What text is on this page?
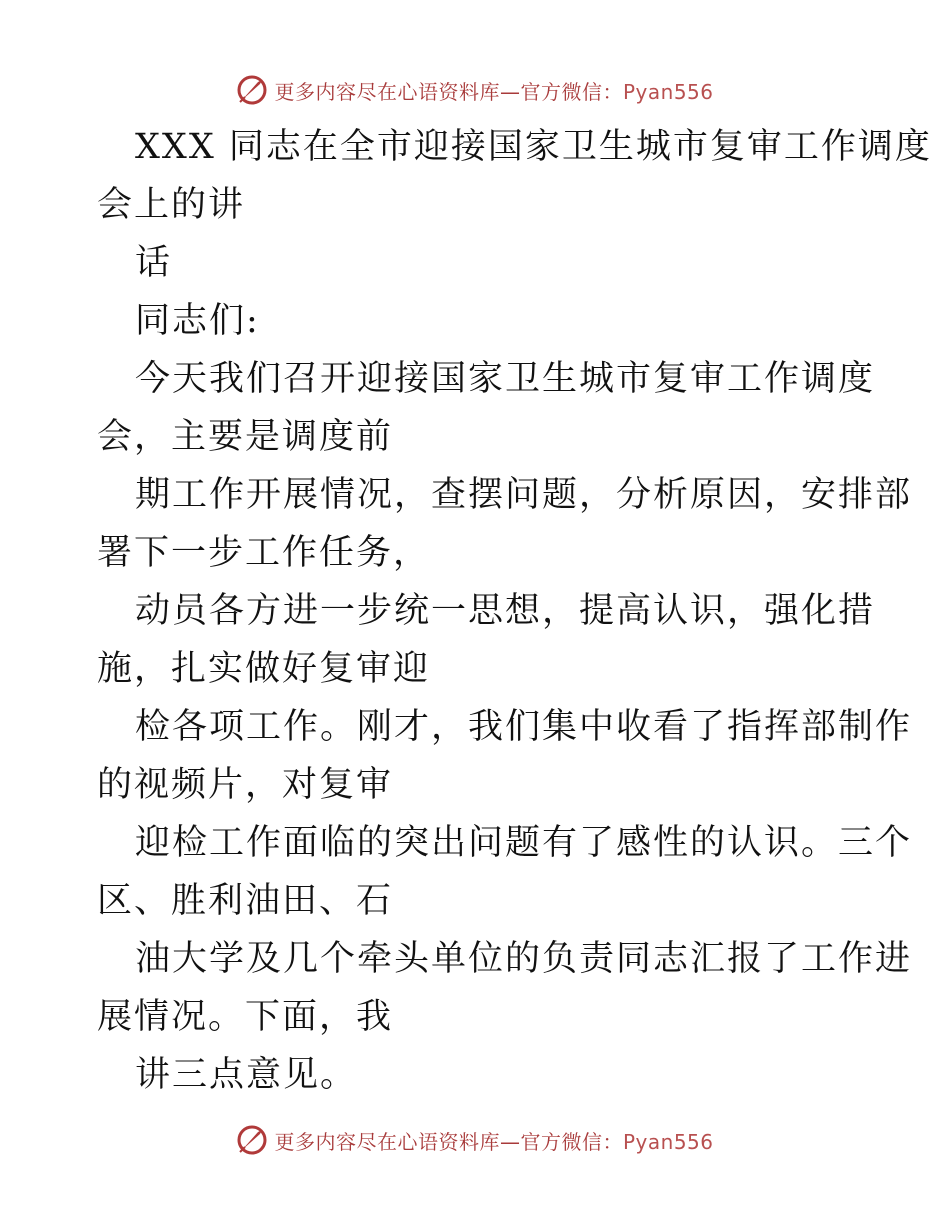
更多内容尽在心语资料库—官方微信：Pyan556
XXX 同志在全市迎接国家卫生城市复审工作调度
会上的讲
话
同志们:
今天我们召开迎接国家卫生城市复审工作调度
会，主要是调度前
期工作开展情况，查摆问题，分析原因，安排部
署下一步工作任务，
动员各方进一步统一思想，提高认识，强化措
施，扎实做好复审迎
检各项工作。刚才，我们集中收看了指挥部制作
的视频片，对复审
迎检工作面临的突出问题有了感性的认识。三个
区、胜利油田、石
油大学及几个牵头单位的负责同志汇报了工作进
展情况。下面，我
讲三点意见。
更多内容尽在心语资料库—官方微信：Pyan556
